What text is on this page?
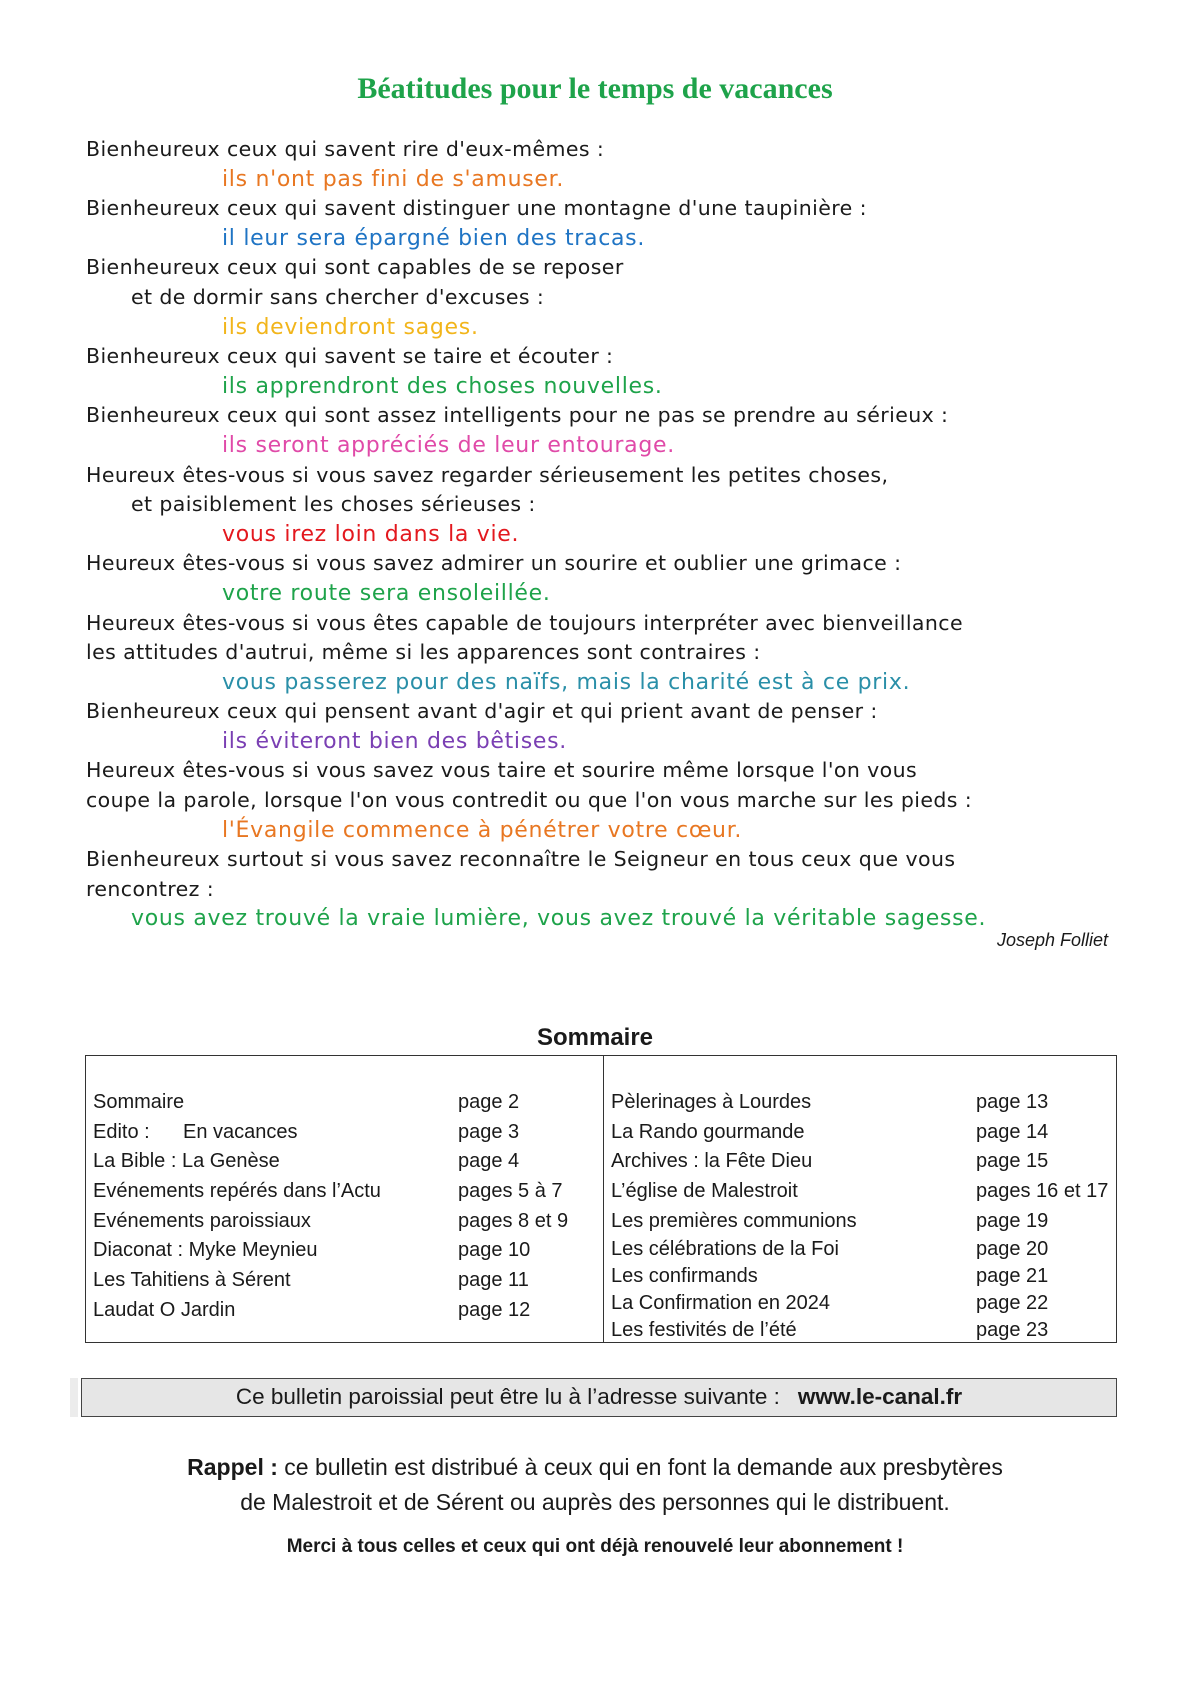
Béatitudes pour le temps de vacances
Bienheureux ceux qui savent rire d'eux-mêmes :
ils n'ont pas fini de s'amuser.
Bienheureux ceux qui savent distinguer une montagne d'une taupinière :
il leur sera épargné bien des tracas.
Bienheureux ceux qui sont capables de se reposer
et de dormir sans chercher d'excuses :
ils deviendront sages.
Bienheureux ceux qui savent se taire et écouter :
ils apprendront des choses nouvelles.
Bienheureux ceux qui sont assez intelligents pour ne pas se prendre au sérieux :
ils seront appréciés de leur entourage.
Heureux êtes-vous si vous savez regarder sérieusement les petites choses,
et paisiblement les choses sérieuses :
vous irez loin dans la vie.
Heureux êtes-vous si vous savez admirer un sourire et oublier une grimace :
votre route sera ensoleillée.
Heureux êtes-vous si vous êtes capable de toujours interpréter avec bienveillance
les attitudes d'autrui, même si les apparences sont contraires :
vous passerez pour des naïfs, mais la charité est à ce prix.
Bienheureux ceux qui pensent avant d'agir et qui prient avant de penser :
ils éviteront bien des bêtises.
Heureux êtes-vous si vous savez vous taire et sourire même lorsque l'on vous
coupe la parole, lorsque l'on vous contredit ou que l'on vous marche sur les pieds :
l'Évangile commence à pénétrer votre cœur.
Bienheureux surtout si vous savez reconnaître le Seigneur en tous ceux que vous
rencontrez :
vous avez trouvé la vraie lumière, vous avez trouvé la véritable sagesse.
Joseph Folliet
Sommaire
Sommaire	page 2
Edito :      En vacances	page 3
La Bible : La Genèse	page 4
Evénements repérés dans l’Actu	pages 5 à 7
Evénements paroissiaux	pages 8 et 9
Diaconat : Myke Meynieu	page 10
Les Tahitiens à Sérent	page 11
Laudat O Jardin	page 12
Pèlerinages à Lourdes	page 13
La Rando gourmande	page 14
Archives : la Fête Dieu	page 15
L’église de Malestroit	pages 16 et 17
Les premières communions	page 19
Les célébrations de la Foi	page 20
Les confirmands	page 21
La Confirmation en 2024	page 22
Les festivités de l’été	page 23
Ce bulletin paroissial peut être lu à l’adresse suivante : www.le-canal.fr
Rappel : ce bulletin est distribué à ceux qui en font la demande aux presbytères
de Malestroit et de Sérent ou auprès des personnes qui le distribuent.
Merci à tous celles et ceux qui ont déjà renouvelé leur abonnement !
